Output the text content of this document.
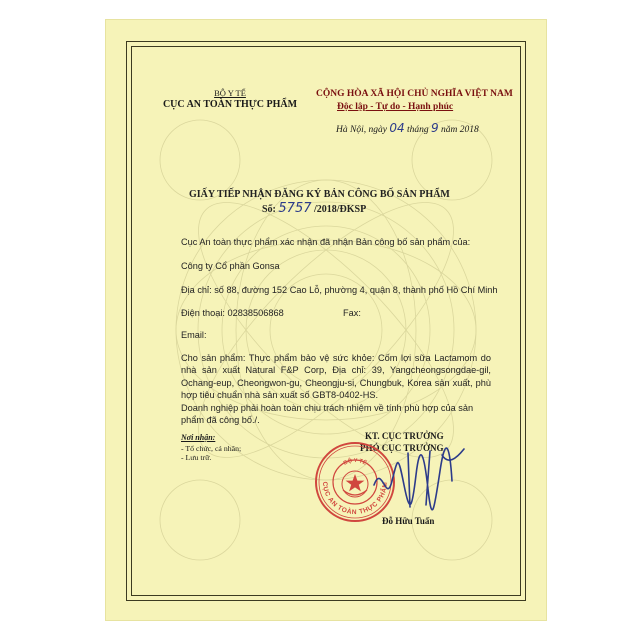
BỘ Y TẾ
CỤC AN TOÀN THỰC PHẨM
CỘNG HÒA XÃ HỘI CHỦ NGHĨA VIỆT NAM
Độc lập - Tự do - Hạnh phúc
Hà Nội, ngày 04 tháng 9 năm 2018
GIẤY TIẾP NHẬN ĐĂNG KÝ BẢN CÔNG BỐ SẢN PHẨM
Số: 5757 /2018/ĐKSP
Cục An toàn thực phẩm xác nhận đã nhận Bản công bố sản phẩm của:
Công ty Cổ phần Gonsa
Địa chỉ: số 88, đường 152 Cao Lỗ, phường 4, quận 8, thành phố Hồ Chí Minh
Điện thoại: 02838506868	Fax:
Email:
Cho sản phẩm: Thực phẩm bảo vệ sức khỏe: Cốm lợi sữa Lactamom do nhà sản xuất Natural F&P Corp, Địa chỉ: 39, Yangcheongsongdae-gil, Ochang-eup, Cheongwon-gu, Cheongju-si, Chungbuk, Korea sản xuất, phù hợp tiêu chuẩn nhà sản xuất số GBT8-0402-HS.
Doanh nghiệp phải hoàn toàn chịu trách nhiệm về tính phù hợp của sản phẩm đã công bố./.
Nơi nhận:
- Tổ chức, cá nhân;
- Lưu trữ.
KT. CỤC TRƯỞNG
PHÓ CỤC TRƯỞNG
CỤC AN TOÀN THỰC PHẨM
BỘ Y TẾ
Đỗ Hữu Tuấn
